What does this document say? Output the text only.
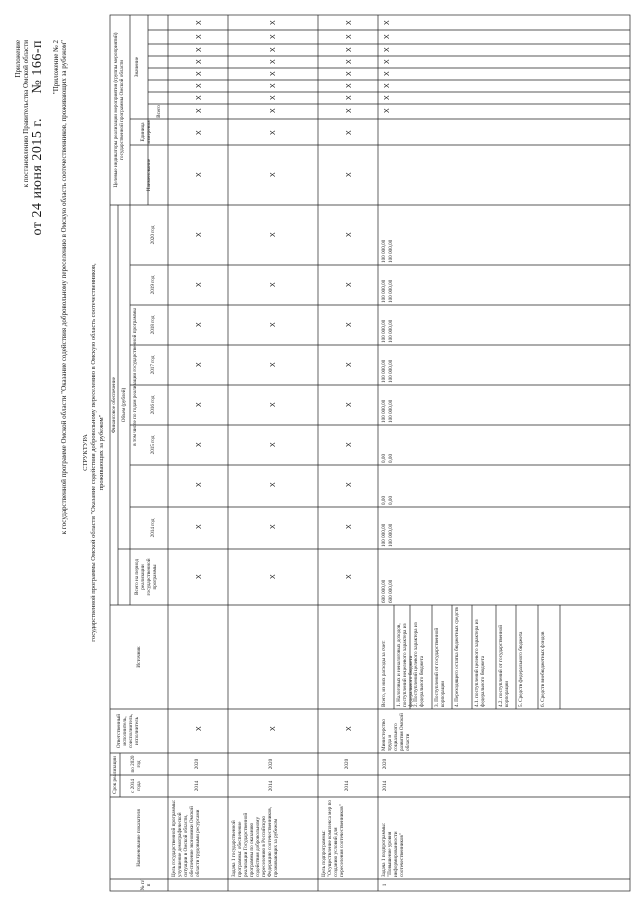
Приложение к постановлению Правительства Омской области от 24 июня 2015 г.
№ 166-п "Приложение № 2 к государственной программе Омской области "Оказание содействия добровольному переселению в Омскую область соотечественников, проживающих за рубежом" СТРУКТУРА государственной программы Омской области "Оказание содействия добровольному переселению в Омскую область соотечественников, проживающих за рубежом"
№ п/п
Наименование показателя
Срок реализации с 2014 года
по 2020 год
Ответственный исполнитель, соисполнитель, исполнитель
Финансовое обеспечение
Источник
Объем (рублей)
Всего на период реализации государственной программы
в том числе по годам реализации государственной программы
Целевые индикаторы реализации мероприятия (группы мероприятий) государственной программы Омской области
Наименование
Единица измерения
Значение
Всего
2014 год
2015 год
2016 год
2017 год
2018 год
2019 год
2020 год
Цель государственной программы: улучшение демографической ситуации в Омской области, обеспечение экономики Омской области трудовыми ресурсами
2014
2020
Задача 1 государственной программы: обеспечение реализации Государственной программы по оказанию содействия добровольному переселению в Российскую Федерацию соотечественников, проживающих за рубежом
2014
2020
Цель подпрограммы: "Осуществление комплекса мер по созданию условий для переселения соотечественников"
2014
2020
1
Задача 1 подпрограммы: "Повышение уровня информированности соотечественников"
2014
2020
Министерство труда и социального развития Омской области
Всего, из них расходы за счет: 1. Налоговых и неналоговых доходов, поступлений нецелевого характера из федерального бюджета 2. Поступлений целевого характера из федерального бюджета 3. Поступлений от государственной корпорации 4. Переходящего остатка бюджетных средств	4.1. поступлений целевого характера из федерального бюджета 4.2. поступлений от государственной корпорации 5. Средств федерального бюджета	6. Средств внебюджетных фондов
600 000,00 600 000,00
100 000,00 100 000,00
0,00 0,00
0,00 0,00
100 000,00 100 000,00
100 000,00 100 000,00
100 000,00 100 000,00
100 000,00 100 000,00
100 000,00 100 000,00
X
X
X
X
X
X
X
X
X
X
X
X
X
X
X
X
X
X
X
X
X
X
X
X
X
X
X
X
X
X
X
X
X
X
X
X
X
X
X
X
X
X
X
X
X
X
X
X
X
X
X
X
X
X
X
X
X
X
X
X
X
X
X
X
X
X
X
X
